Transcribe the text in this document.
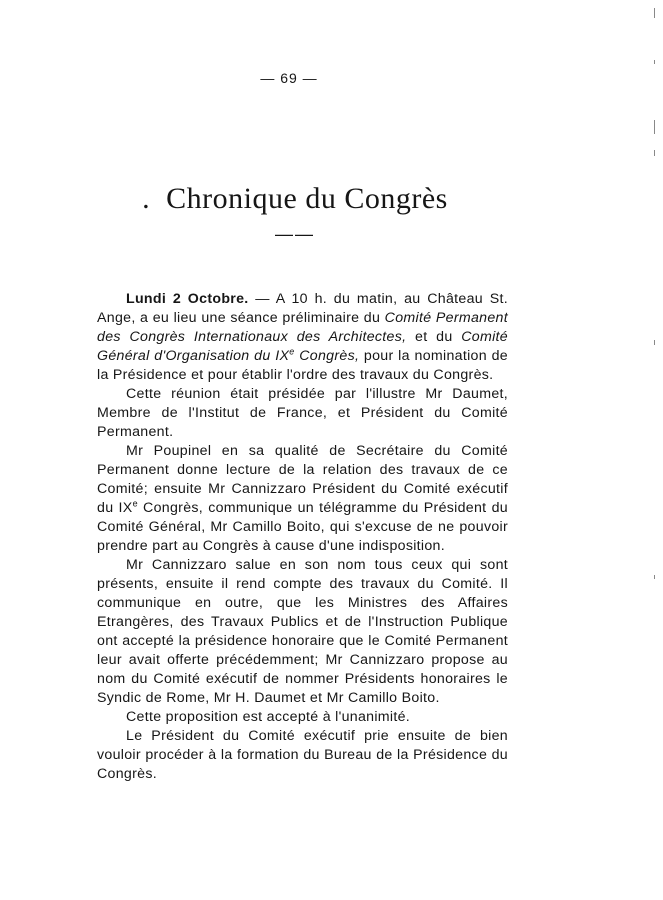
— 69 —
. Chronique du Congrès
——

Lundi 2 Octobre. — A 10 h. du matin, au Château St. Ange, a eu lieu une séance préliminaire du Comité Permanent des Congrès Internationaux des Architectes, et du Comité Général d'Organisation du IXe Congrès, pour la nomination de la Présidence et pour établir l'ordre des travaux du Congrès.

Cette réunion était présidée par l'illustre Mr Daumet, Membre de l'Institut de France, et Président du Comité Permanent.

Mr Poupinel en sa qualité de Secrétaire du Comité Permanent donne lecture de la relation des travaux de ce Comité; ensuite Mr Cannizzaro Président du Comité exécutif du IXe Congrès, communique un télégramme du Président du Comité Général, Mr Camillo Boito, qui s'excuse de ne pouvoir prendre part au Congrès à cause d'une indisposition.

Mr Cannizzaro salue en son nom tous ceux qui sont présents, ensuite il rend compte des travaux du Comité. Il communique en outre, que les Ministres des Affaires Etrangères, des Travaux Publics et de l'Instruction Publique ont accepté la présidence honoraire que le Comité Permanent leur avait offerte précédemment; Mr Cannizzaro propose au nom du Comité exécutif de nommer Présidents honoraires le Syndic de Rome, Mr H. Daumet et Mr Camillo Boito.

Cette proposition est accepté à l'unanimité.

Le Président du Comité exécutif prie ensuite de bien vouloir procéder à la formation du Bureau de la Présidence du Congrès.
